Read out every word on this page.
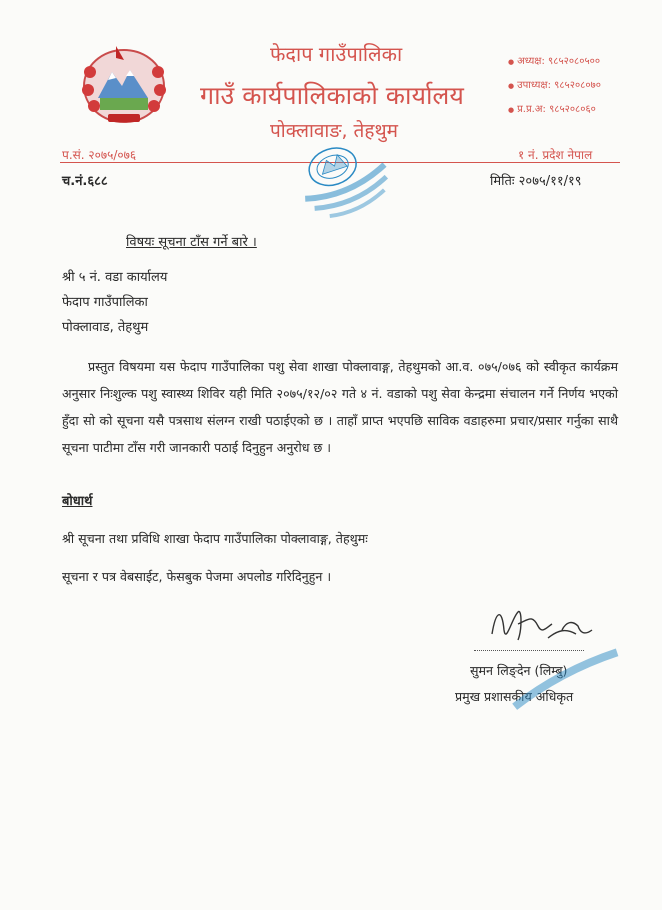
फेदाप गाउँपालिका
गाउँ कार्यपालिकाको कार्यालय
पोक्लावाङ, तेहथुम
● अध्यक्ष: ९८५२०८०५००
● उपाध्यक्ष: ९८५२०८०७०
● प्र.प्र.अ: ९८५२०८०६०
प.सं. २०७५/०७६	१ नं. प्रदेश नेपाल
च.नं.६८८	मितिः २०७५/११/१९
विषयः सूचना टाँस गर्ने बारे ।
श्री ५ नं. वडा कार्यालय
फेदाप गाउँपालिका
पोक्लावाड, तेहथुम

प्रस्तुत विषयमा यस फेदाप गाउँपालिका पशु सेवा शाखा पोक्लावाङ्ग, तेहथुमको आ.व. ०७५/०७६ को स्वीकृत कार्यक्रम अनुसार निःशुल्क पशु स्वास्थ्य शिविर यही मिति २०७५/१२/०२ गते ४ नं. वडाको पशु सेवा केन्द्रमा संचालन गर्ने निर्णय भएको हुँदा सो को सूचना यसै पत्रसाथ संलग्न राखी पठाईएको छ । ताहाँ प्राप्त भएपछि साविक वडाहरुमा प्रचार/प्रसार गर्नुका साथै सूचना पाटीमा टाँस गरी जानकारी पठाई दिनुहुन अनुरोध छ ।

बोधार्थ
श्री सूचना तथा प्रविधि शाखा फेदाप गाउँपालिका पोक्लावाङ्ग, तेहथुमः
सूचना र पत्र वेबसाईट, फेसबुक पेजमा अपलोड गरिदिनुहुन ।
सुमन लिङ्देन (लिम्बु)
प्रमुख प्रशासकीय अधिकृत
